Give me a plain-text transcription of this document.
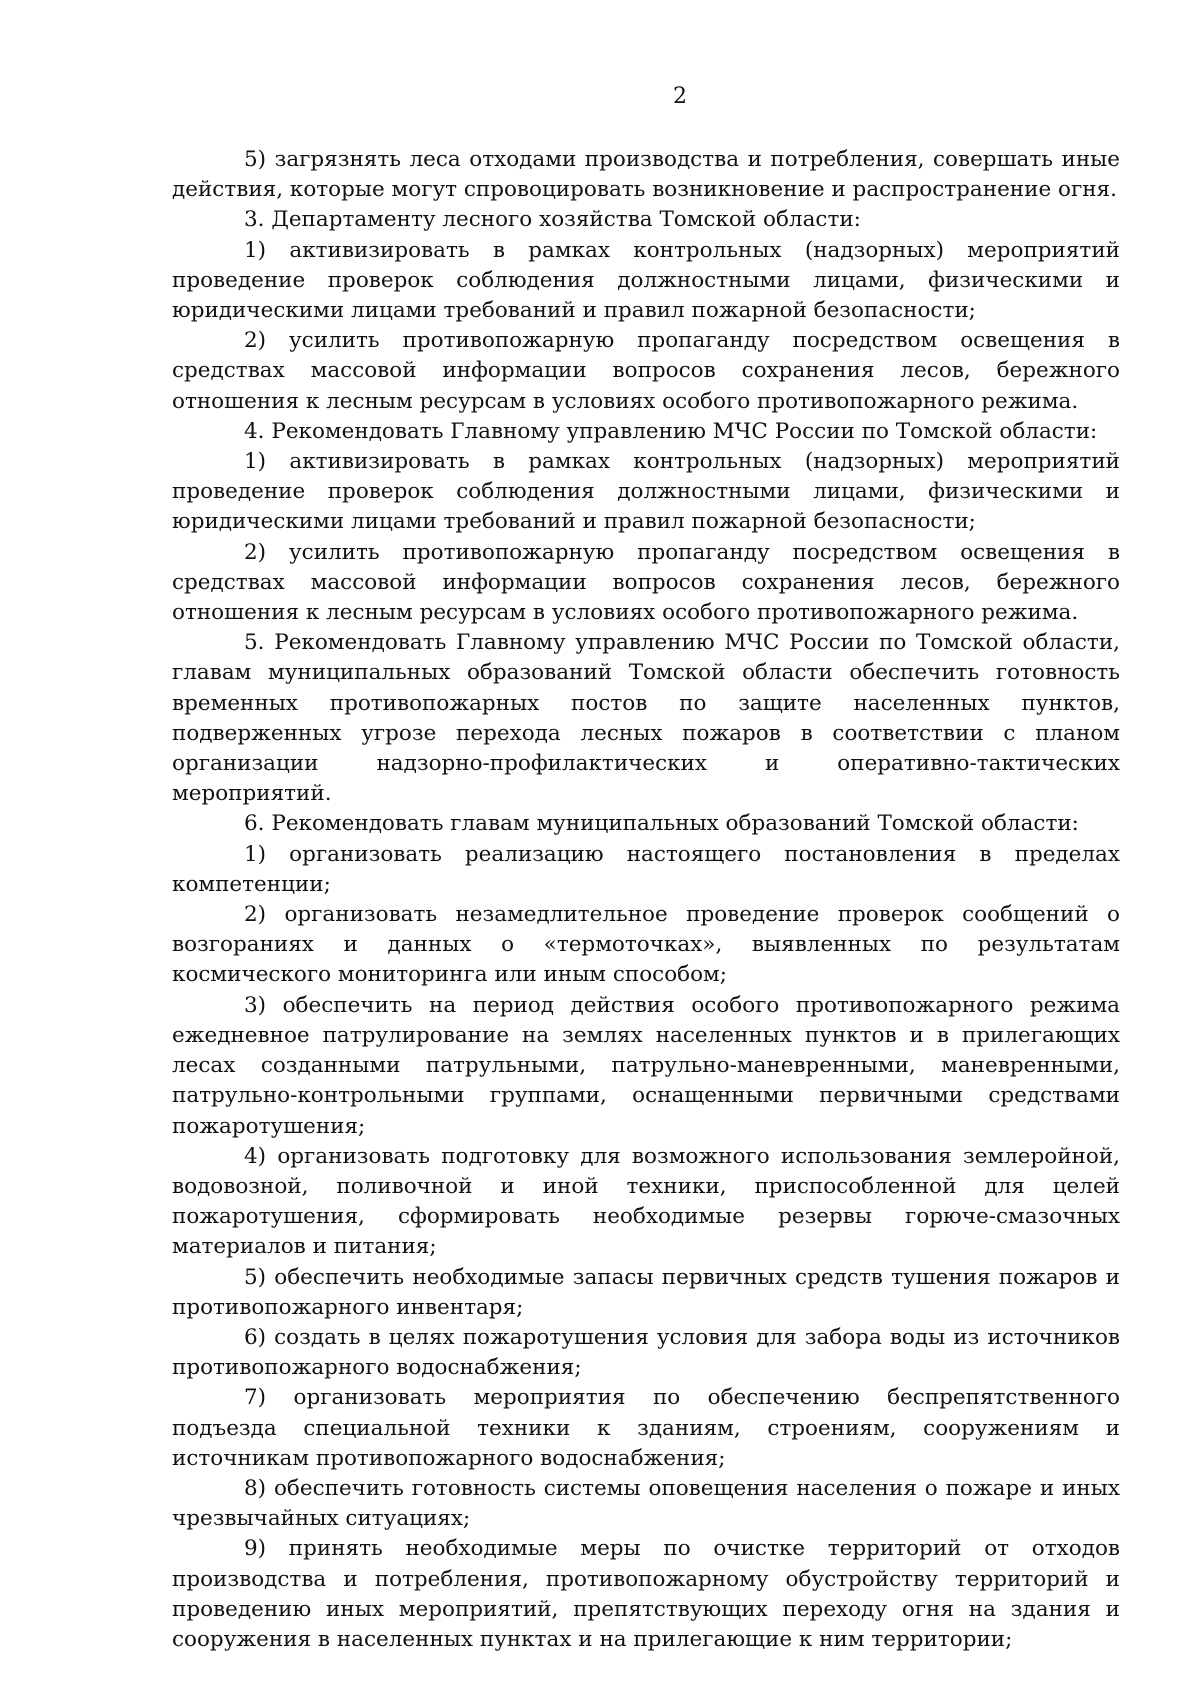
2

5) загрязнять леса отходами производства и потребления, совершать иные действия, которые могут спровоцировать возникновение и распространение огня.

3. Департаменту лесного хозяйства Томской области:

1) активизировать в рамках контрольных (надзорных) мероприятий проведение проверок соблюдения должностными лицами, физическими и юридическими лицами требований и правил пожарной безопасности;

2) усилить противопожарную пропаганду посредством освещения в средствах массовой информации вопросов сохранения лесов, бережного отношения к лесным ресурсам в условиях особого противопожарного режима.

4. Рекомендовать Главному управлению МЧС России по Томской области:

1) активизировать в рамках контрольных (надзорных) мероприятий проведение проверок соблюдения должностными лицами, физическими и юридическими лицами требований и правил пожарной безопасности;

2) усилить противопожарную пропаганду посредством освещения в средствах массовой информации вопросов сохранения лесов, бережного отношения к лесным ресурсам в условиях особого противопожарного режима.

5. Рекомендовать Главному управлению МЧС России по Томской области, главам муниципальных образований Томской области обеспечить готовность временных противопожарных постов по защите населенных пунктов, подверженных угрозе перехода лесных пожаров в соответствии с планом организации надзорно-профилактических и оперативно-тактических мероприятий.

6. Рекомендовать главам муниципальных образований Томской области:

1) организовать реализацию настоящего постановления в пределах компетенции;

2) организовать незамедлительное проведение проверок сообщений о возгораниях и данных о «термоточках», выявленных по результатам космического мониторинга или иным способом;

3) обеспечить на период действия особого противопожарного режима ежедневное патрулирование на землях населенных пунктов и в прилегающих лесах созданными патрульными, патрульно-маневренными, маневренными, патрульно-контрольными группами, оснащенными первичными средствами пожаротушения;

4) организовать подготовку для возможного использования землеройной, водовозной, поливочной и иной техники, приспособленной для целей пожаротушения, сформировать необходимые резервы горюче-смазочных материалов и питания;

5) обеспечить необходимые запасы первичных средств тушения пожаров и противопожарного инвентаря;

6) создать в целях пожаротушения условия для забора воды из источников противопожарного водоснабжения;

7) организовать мероприятия по обеспечению беспрепятственного подъезда специальной техники к зданиям, строениям, сооружениям и источникам противопожарного водоснабжения;

8) обеспечить готовность системы оповещения населения о пожаре и иных чрезвычайных ситуациях;

9) принять необходимые меры по очистке территорий от отходов производства и потребления, противопожарному обустройству территорий и проведению иных мероприятий, препятствующих переходу огня на здания и сооружения в населенных пунктах и на прилегающие к ним территории;
